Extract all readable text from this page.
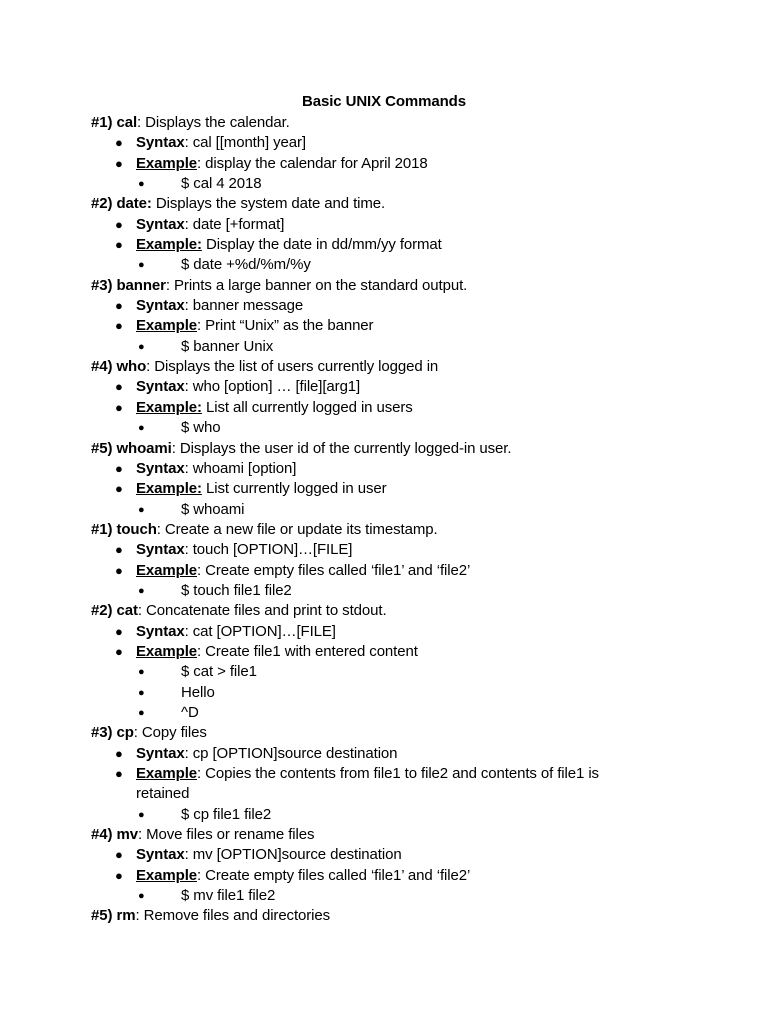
Basic UNIX Commands
#1) cal: Displays the calendar.
● Syntax: cal [[month] year]
● Example: display the calendar for April 2018
● $ cal 4 2018
#2) date: Displays the system date and time.
● Syntax: date [+format]
● Example: Display the date in dd/mm/yy format
● $ date +%d/%m/%y
#3) banner: Prints a large banner on the standard output.
● Syntax: banner message
● Example: Print “Unix” as the banner
● $ banner Unix
#4) who: Displays the list of users currently logged in
● Syntax: who [option] … [file][arg1]
● Example: List all currently logged in users
● $ who
#5) whoami: Displays the user id of the currently logged-in user.
● Syntax: whoami [option]
● Example: List currently logged in user
● $ whoami
#1) touch: Create a new file or update its timestamp.
● Syntax: touch [OPTION]…[FILE]
● Example: Create empty files called ‘file1’ and ‘file2’
● $ touch file1 file2
#2) cat: Concatenate files and print to stdout.
● Syntax: cat [OPTION]…[FILE]
● Example: Create file1 with entered content
● $ cat > file1
● Hello
● ^D
#3) cp: Copy files
● Syntax: cp [OPTION]source destination
● Example: Copies the contents from file1 to file2 and contents of file1 is
retained
● $ cp file1 file2
#4) mv: Move files or rename files
● Syntax: mv [OPTION]source destination
● Example: Create empty files called ‘file1’ and ‘file2’
● $ mv file1 file2
#5) rm: Remove files and directories
